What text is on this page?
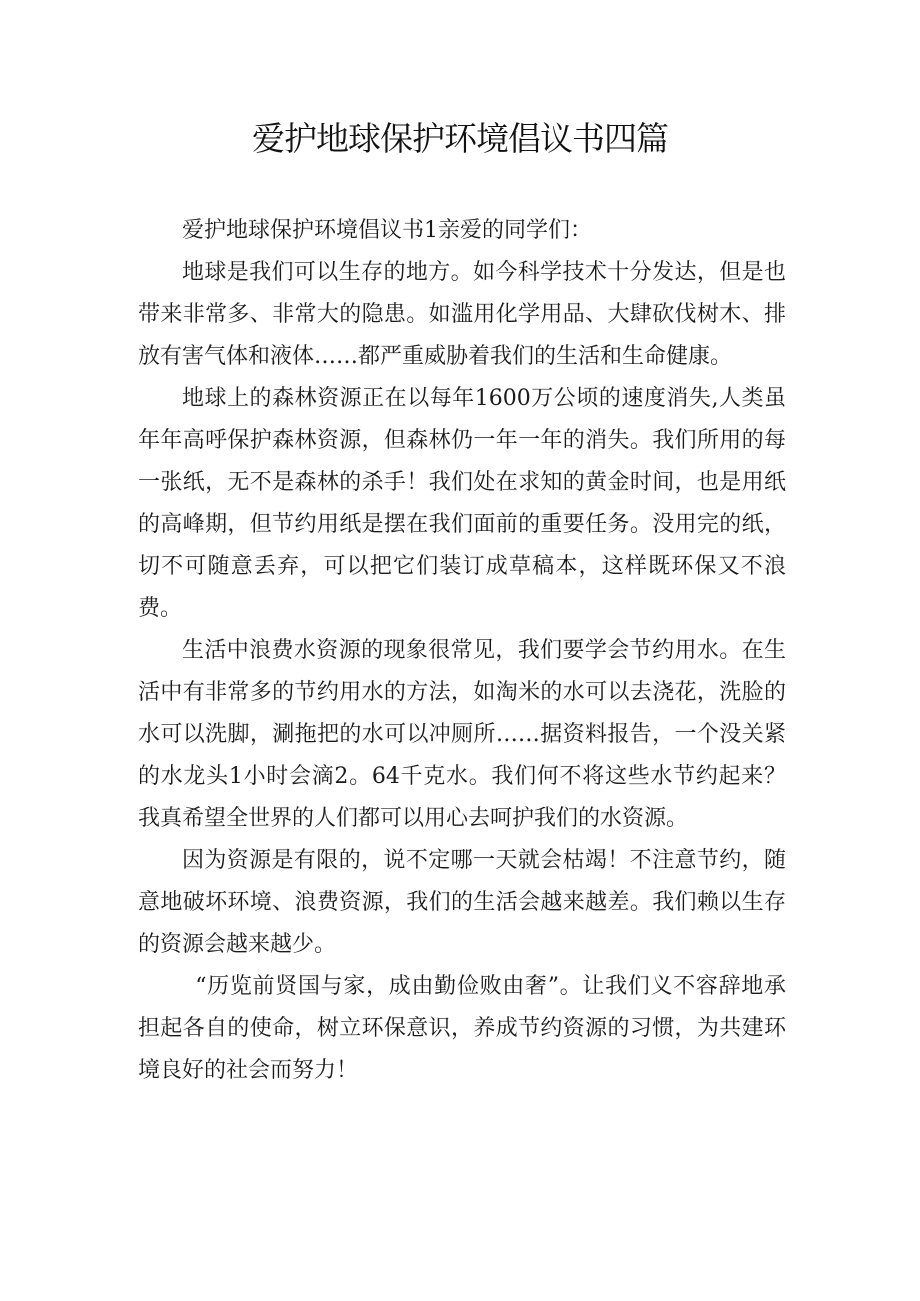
爱护地球保护环境倡议书四篇

爱护地球保护环境倡议书1亲爱的同学们：

地球是我们可以生存的地方。如今科学技术十分发达，但是也带来非常多、非常大的隐患。如滥用化学用品、大肆砍伐树木、排放有害气体和液体……都严重威胁着我们的生活和生命健康。

地球上的森林资源正在以每年1600万公顷的速度消失,人类虽年年高呼保护森林资源，但森林仍一年一年的消失。我们所用的每一张纸，无不是森林的杀手！我们处在求知的黄金时间，也是用纸的高峰期，但节约用纸是摆在我们面前的重要任务。没用完的纸，切不可随意丢弃，可以把它们装订成草稿本，这样既环保又不浪费。

生活中浪费水资源的现象很常见，我们要学会节约用水。在生活中有非常多的节约用水的方法，如淘米的水可以去浇花，洗脸的水可以洗脚，涮拖把的水可以冲厕所……据资料报告，一个没关紧的水龙头1小时会滴2。64千克水。我们何不将这些水节约起来？我真希望全世界的人们都可以用心去呵护我们的水资源。

因为资源是有限的，说不定哪一天就会枯竭！不注意节约，随意地破坏环境、浪费资源，我们的生活会越来越差。我们赖以生存的资源会越来越少。

“历览前贤国与家，成由勤俭败由奢”。让我们义不容辞地承担起各自的使命，树立环保意识，养成节约资源的习惯，为共建环境良好的社会而努力！
